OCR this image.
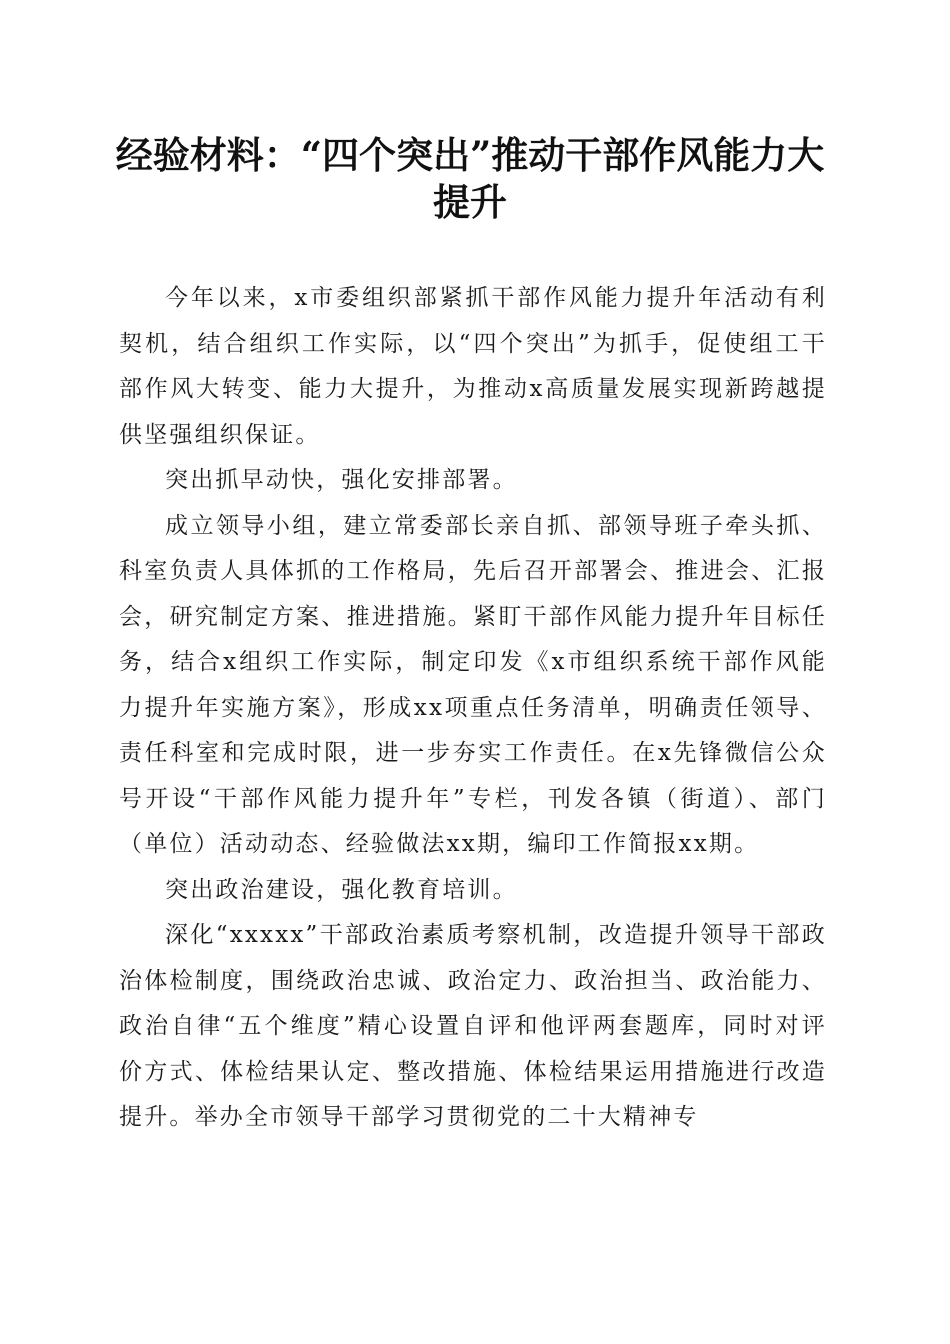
经验材料：“四个突出”推动干部作风能力大提升

今年以来，x市委组织部紧抓干部作风能力提升年活动有利契机，结合组织工作实际，以“四个突出”为抓手，促使组工干部作风大转变、能力大提升，为推动x高质量发展实现新跨越提供坚强组织保证。

突出抓早动快，强化安排部署。

成立领导小组，建立常委部长亲自抓、部领导班子牵头抓、科室负责人具体抓的工作格局，先后召开部署会、推进会、汇报会，研究制定方案、推进措施。紧盯干部作风能力提升年目标任务，结合x组织工作实际，制定印发《x市组织系统干部作风能力提升年实施方案》，形成xx项重点任务清单，明确责任领导、责任科室和完成时限，进一步夯实工作责任。在x先锋微信公众号开设“干部作风能力提升年”专栏，刊发各镇（街道）、部门（单位）活动动态、经验做法xx期，编印工作简报xx期。

突出政治建设，强化教育培训。

深化“xxxxx”干部政治素质考察机制，改造提升领导干部政治体检制度，围绕政治忠诚、政治定力、政治担当、政治能力、政治自律“五个维度”精心设置自评和他评两套题库，同时对评价方式、体检结果认定、整改措施、体检结果运用措施进行改造提升。举办全市领导干部学习贯彻党的二十大精神专
